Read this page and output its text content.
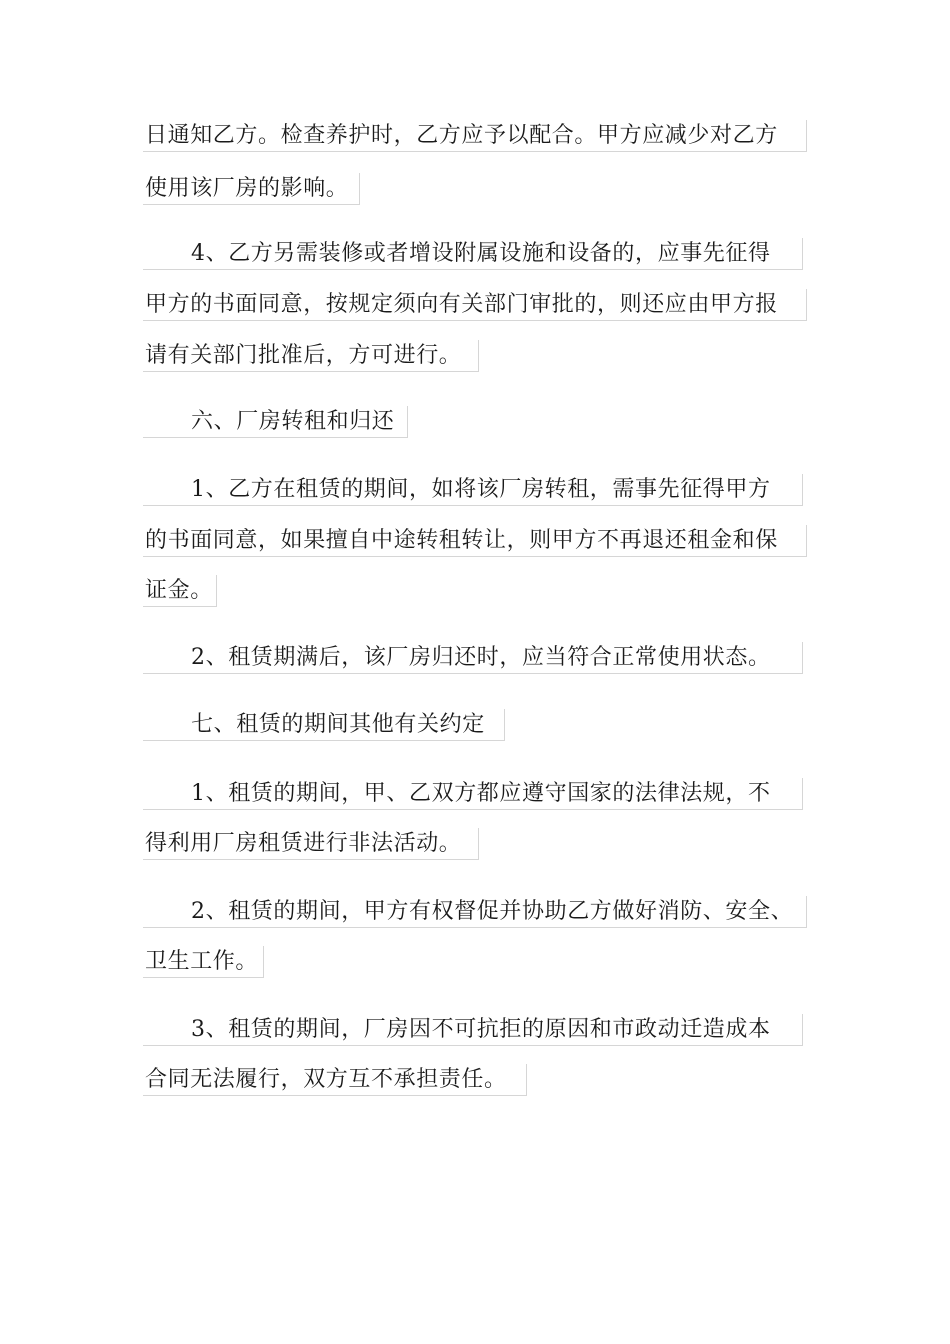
日通知乙方。检查养护时，乙方应予以配合。甲方应减少对乙方
使用该厂房的影响。
4、乙方另需装修或者增设附属设施和设备的，应事先征得
甲方的书面同意，按规定须向有关部门审批的，则还应由甲方报
请有关部门批准后，方可进行。
六、厂房转租和归还
1、乙方在租赁的期间，如将该厂房转租，需事先征得甲方
的书面同意，如果擅自中途转租转让，则甲方不再退还租金和保
证金。
2、租赁期满后，该厂房归还时，应当符合正常使用状态。
七、租赁的期间其他有关约定
1、租赁的期间，甲、乙双方都应遵守国家的法律法规，不
得利用厂房租赁进行非法活动。
2、租赁的期间，甲方有权督促并协助乙方做好消防、安全、
卫生工作。
3、租赁的期间，厂房因不可抗拒的原因和市政动迁造成本
合同无法履行，双方互不承担责任。
